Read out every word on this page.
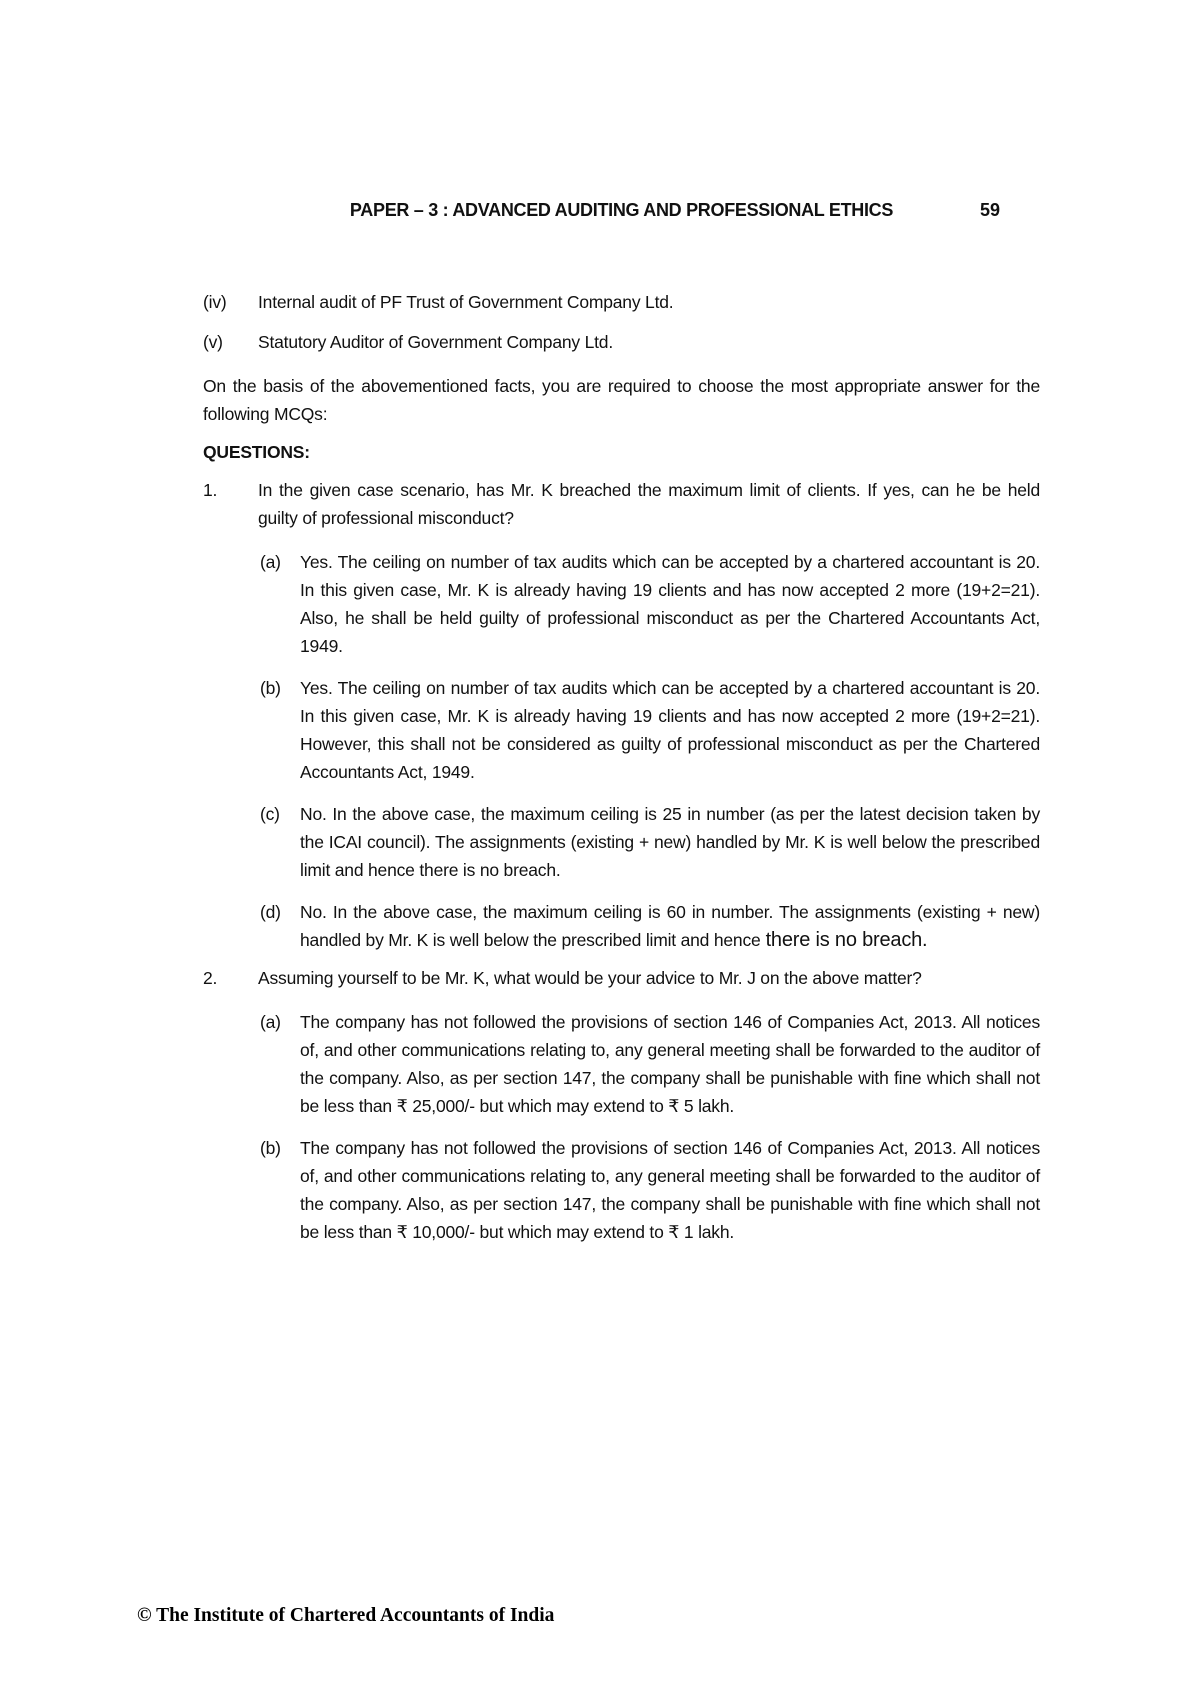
PAPER – 3 : ADVANCED AUDITING AND PROFESSIONAL ETHICS	59
(iv)	Internal audit of PF Trust of Government Company Ltd.
(v)	Statutory Auditor of Government Company Ltd.
On the basis of the abovementioned facts, you are required to choose the most appropriate answer for the following MCQs:
QUESTIONS:
1.	In the given case scenario, has Mr. K breached the maximum limit of clients. If yes, can he be held guilty of professional misconduct?
(a)	Yes. The ceiling on number of tax audits which can be accepted by a chartered accountant is 20. In this given case, Mr. K is already having 19 clients and has now accepted 2 more (19+2=21). Also, he shall be held guilty of professional misconduct as per the Chartered Accountants Act, 1949.
(b)	Yes. The ceiling on number of tax audits which can be accepted by a chartered accountant is 20. In this given case, Mr. K is already having 19 clients and has now accepted 2 more (19+2=21). However, this shall not be considered as guilty of professional misconduct as per the Chartered Accountants Act, 1949.
(c)	No. In the above case, the maximum ceiling is 25 in number (as per the latest decision taken by the ICAI council). The assignments (existing + new) handled by Mr. K is well below the prescribed limit and hence there is no breach.
(d)	No. In the above case, the maximum ceiling is 60 in number. The assignments (existing + new) handled by Mr. K is well below the prescribed limit and hence there is no breach.
2.	Assuming yourself to be Mr. K, what would be your advice to Mr. J on the above matter?
(a)	The company has not followed the provisions of section 146 of Companies Act, 2013. All notices of, and other communications relating to, any general meeting shall be forwarded to the auditor of the company. Also, as per section 147, the company shall be punishable with fine which shall not be less than ₹ 25,000/- but which may extend to ₹ 5 lakh.
(b)	The company has not followed the provisions of section 146 of Companies Act, 2013. All notices of, and other communications relating to, any general meeting shall be forwarded to the auditor of the company. Also, as per section 147, the company shall be punishable with fine which shall not be less than ₹ 10,000/- but which may extend to ₹ 1 lakh.
© The Institute of Chartered Accountants of India
